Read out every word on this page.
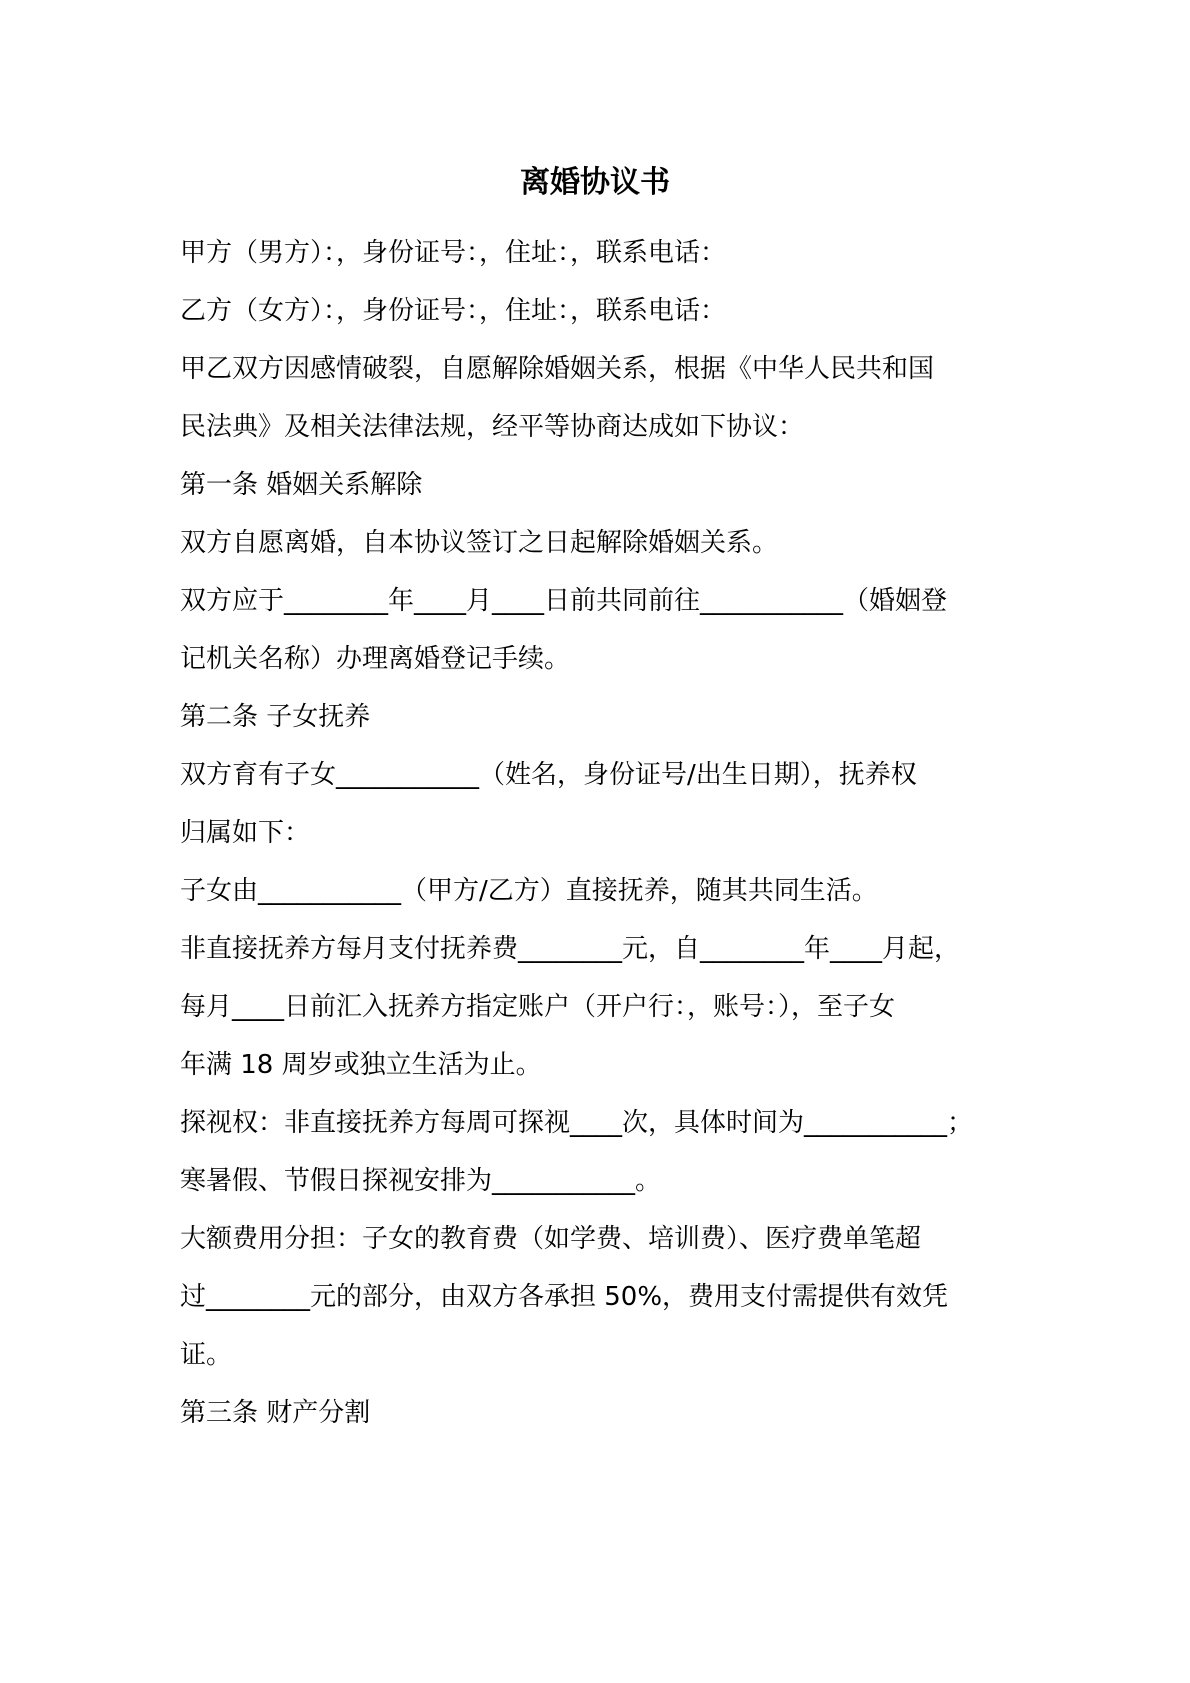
离婚协议书

甲方（男方）：，身份证号：，住址：，联系电话：

乙方（女方）：，身份证号：，住址：，联系电话：

甲乙双方因感情破裂，自愿解除婚姻关系，根据《中华人民共和国

民法典》及相关法律法规，经平等协商达成如下协议：

第一条 婚姻关系解除

双方自愿离婚，自本协议签订之日起解除婚姻关系。

双方应于________年____月____日前共同前往___________（婚姻登

记机关名称）办理离婚登记手续。

第二条 子女抚养

双方育有子女___________（姓名，身份证号/出生日期），抚养权

归属如下：

子女由___________（甲方/乙方）直接抚养，随其共同生活。

非直接抚养方每月支付抚养费________元，自________年____月起，

每月____日前汇入抚养方指定账户（开户行：，账号：），至子女

年满 18 周岁或独立生活为止。

探视权：非直接抚养方每周可探视____次，具体时间为___________；

寒暑假、节假日探视安排为___________。

大额费用分担：子女的教育费（如学费、培训费）、医疗费单笔超

过________元的部分，由双方各承担 50%，费用支付需提供有效凭

证。

第三条 财产分割
